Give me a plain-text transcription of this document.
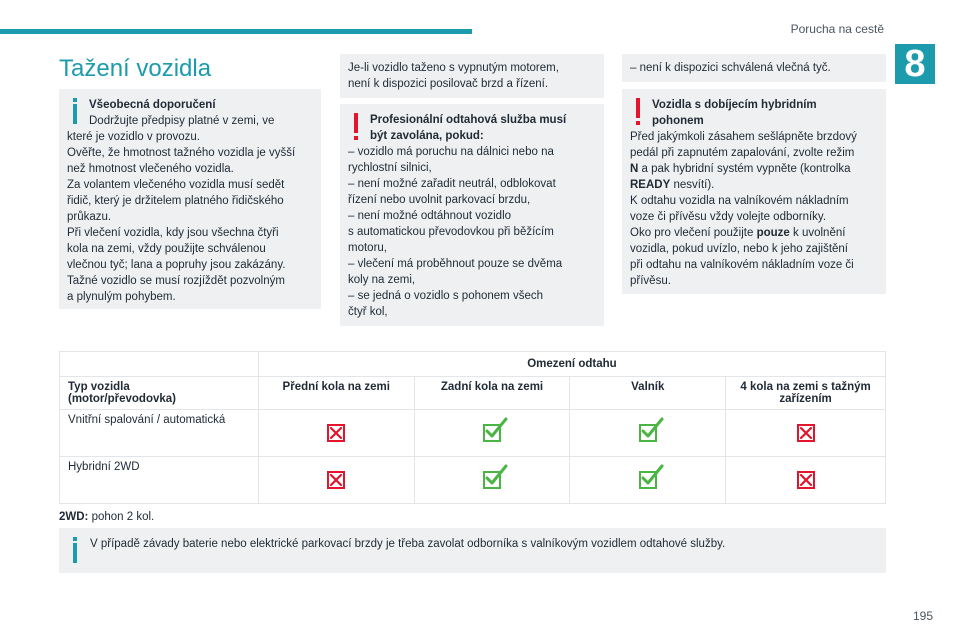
Porucha na cestě
8
Tažení vozidla
Všeobecná doporučení
Dodržujte předpisy platné v zemi, ve
které je vozidlo v provozu.
Ověřte, že hmotnost tažného vozidla je vyšší
než hmotnost vlečeného vozidla.
Za volantem vlečeného vozidla musí sedět
řidič, který je držitelem platného řidičského
průkazu.
Při vlečení vozidla, kdy jsou všechna čtyři
kola na zemi, vždy použijte schválenou
vlečnou tyč; lana a popruhy jsou zakázány.
Tažné vozidlo se musí rozjíždět pozvolným
a plynulým pohybem.
Je-li vozidlo taženo s vypnutým motorem,
není k dispozici posilovač brzd a řízení.
Profesionální odtahová služba musí
být zavolána, pokud:
– vozidlo má poruchu na dálnici nebo na
rychlostní silnici,
– není možné zařadit neutrál, odblokovat
řízení nebo uvolnit parkovací brzdu,
– není možné odtáhnout vozidlo
s automatickou převodovkou při běžícím
motoru,
– vlečení má proběhnout pouze se dvěma
koly na zemi,
– se jedná o vozidlo s pohonem všech
čtyř kol,
– není k dispozici schválená vlečná tyč.
Vozidla s dobíjecím hybridním
pohonem
Před jakýmkoli zásahem sešlápněte brzdový
pedál při zapnutém zapalování, zvolte režim
N a pak hybridní systém vypněte (kontrolka
READY nesvítí).
K odtahu vozidla na valníkovém nákladním
voze či přívěsu vždy volejte odborníky.
Oko pro vlečení použijte pouze k uvolnění
vozidla, pokud uvízlo, nebo k jeho zajištění
při odtahu na valníkovém nákladním voze či
přívěsu.
	Omezení odtahu			
Typ vozidla
(motor/převodovka)	Přední kola na zemi	Zadní kola na zemi	Valník	4 kola na zemi s tažným zařízením
Vnitřní spalování / automatická	

Hybridní 2WD	

2WD: pohon 2 kol.
V případě závady baterie nebo elektrické parkovací brzdy je třeba zavolat odborníka s valníkovým vozidlem odtahové služby.
195
